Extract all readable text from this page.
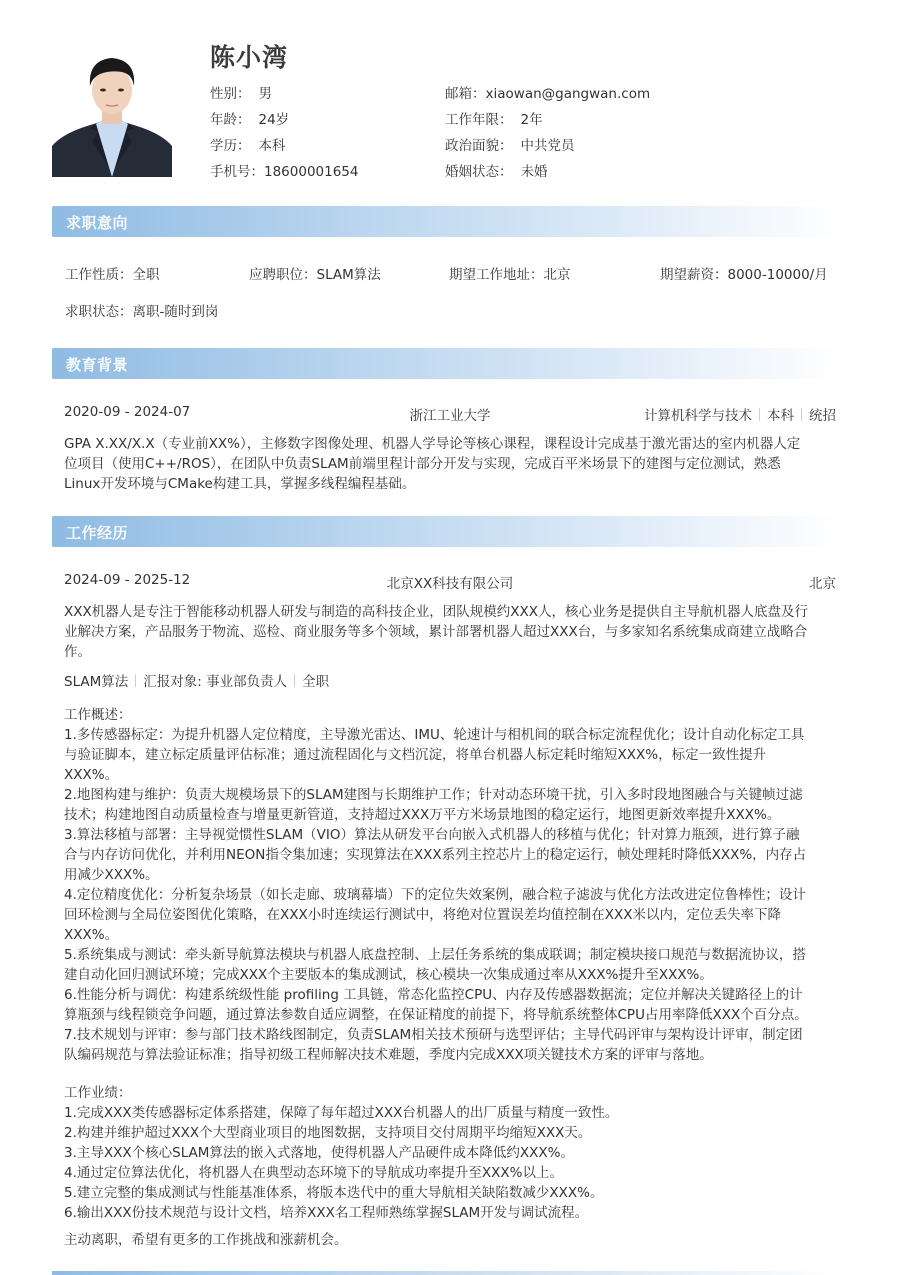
陈小湾
性别： 男	邮箱：xiaowan@gangwan.com
年龄： 24岁	工作年限： 2年
学历： 本科	政治面貌： 中共党员
手机号：18600001654	婚姻状态： 未婚
求职意向
工作性质：全职	应聘职位：SLAM算法	期望工作地址：北京	期望薪资：8000-10000/月
求职状态：离职-随时到岗
教育背景
2020-09 - 2024-07	浙江工业大学	计算机科学与技术 本科 统招
GPA X.XX/X.X（专业前XX%），主修数字图像处理、机器人学导论等核心课程，课程设计完成基于激光雷达的室内机器人定
位项目（使用C++/ROS），在团队中负责SLAM前端里程计部分开发与实现，完成百平米场景下的建图与定位测试，熟悉
Linux开发环境与CMake构建工具，掌握多线程编程基础。
工作经历
2024-09 - 2025-12	北京XX科技有限公司	北京
XXX机器人是专注于智能移动机器人研发与制造的高科技企业，团队规模约XXX人，核心业务是提供自主导航机器人底盘及行
业解决方案，产品服务于物流、巡检、商业服务等多个领域，累计部署机器人超过XXX台，与多家知名系统集成商建立战略合
作。
SLAM算法 汇报对象: 事业部负责人 全职
工作概述：
1.多传感器标定：为提升机器人定位精度，主导激光雷达、IMU、轮速计与相机间的联合标定流程优化；设计自动化标定工具
与验证脚本，建立标定质量评估标准；通过流程固化与文档沉淀，将单台机器人标定耗时缩短XXX%，标定一致性提升
XXX%。
2.地图构建与维护：负责大规模场景下的SLAM建图与长期维护工作；针对动态环境干扰，引入多时段地图融合与关键帧过滤
技术；构建地图自动质量检查与增量更新管道，支持超过XXX万平方米场景地图的稳定运行，地图更新效率提升XXX%。
3.算法移植与部署：主导视觉惯性SLAM（VIO）算法从研发平台向嵌入式机器人的移植与优化；针对算力瓶颈，进行算子融
合与内存访问优化，并利用NEON指令集加速；实现算法在XXX系列主控芯片上的稳定运行，帧处理耗时降低XXX%，内存占
用减少XXX%。
4.定位精度优化：分析复杂场景（如长走廊、玻璃幕墙）下的定位失效案例，融合粒子滤波与优化方法改进定位鲁棒性；设计
回环检测与全局位姿图优化策略，在XXX小时连续运行测试中，将绝对位置误差均值控制在XXX米以内，定位丢失率下降
XXX%。
5.系统集成与测试：牵头新导航算法模块与机器人底盘控制、上层任务系统的集成联调；制定模块接口规范与数据流协议，搭
建自动化回归测试环境；完成XXX个主要版本的集成测试，核心模块一次集成通过率从XXX%提升至XXX%。
6.性能分析与调优：构建系统级性能 profiling 工具链，常态化监控CPU、内存及传感器数据流；定位并解决关键路径上的计
算瓶颈与线程锁竞争问题，通过算法参数自适应调整，在保证精度的前提下，将导航系统整体CPU占用率降低XXX个百分点。
7.技术规划与评审：参与部门技术路线图制定，负责SLAM相关技术预研与选型评估；主导代码评审与架构设计评审，制定团
队编码规范与算法验证标准；指导初级工程师解决技术难题，季度内完成XXX项关键技术方案的评审与落地。
工作业绩：
1.完成XXX类传感器标定体系搭建，保障了每年超过XXX台机器人的出厂质量与精度一致性。
2.构建并维护超过XXX个大型商业项目的地图数据，支持项目交付周期平均缩短XXX天。
3.主导XXX个核心SLAM算法的嵌入式落地，使得机器人产品硬件成本降低约XXX%。
4.通过定位算法优化，将机器人在典型动态环境下的导航成功率提升至XXX%以上。
5.建立完整的集成测试与性能基准体系，将版本迭代中的重大导航相关缺陷数减少XXX%。
6.输出XXX份技术规范与设计文档，培养XXX名工程师熟练掌握SLAM开发与调试流程。
主动离职，希望有更多的工作挑战和涨薪机会。
